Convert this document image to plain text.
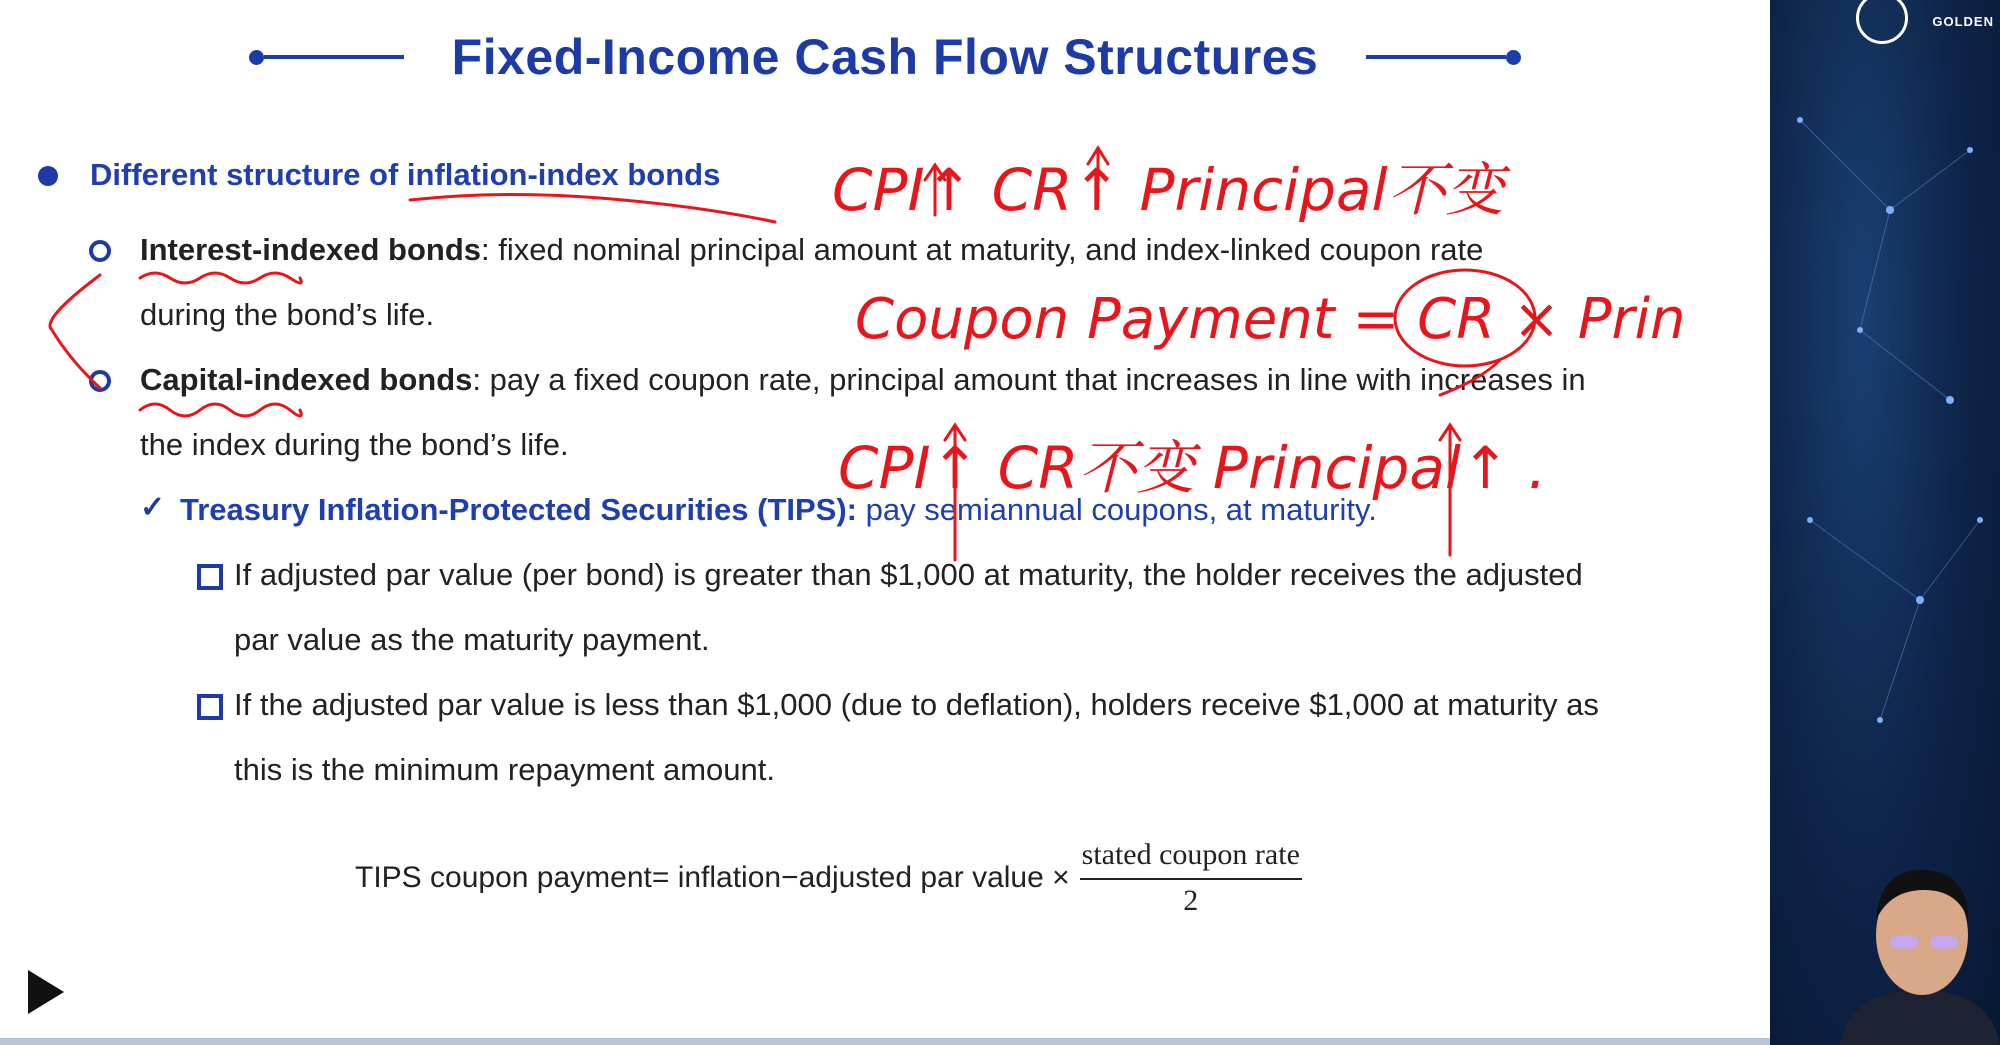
Fixed-Income Cash Flow Structures
Different structure of inflation-index bonds
Interest-indexed bonds: fixed nominal principal amount at maturity, and index-linked coupon rate
during the bond’s life.
Capital-indexed bonds: pay a fixed coupon rate, principal amount that increases in line with increases in
the index during the bond’s life.
✓ Treasury Inflation-Protected Securities (TIPS): pay semiannual coupons, at maturity.
If adjusted par value (per bond) is greater than $1,000 at maturity, the holder receives the adjusted
par value as the maturity payment.
If the adjusted par value is less than $1,000 (due to deflation), holders receive $1,000 at maturity as
this is the minimum repayment amount.
TIPS coupon payment= inflation−adjusted par value × $\frac{\text{stated coupon rate}}{2}$
CPI↑ CR↑ Principal不变
Coupon Payment = CR × Prin
CPI↑ CR不变 Principal↑ .
GOLDEN
